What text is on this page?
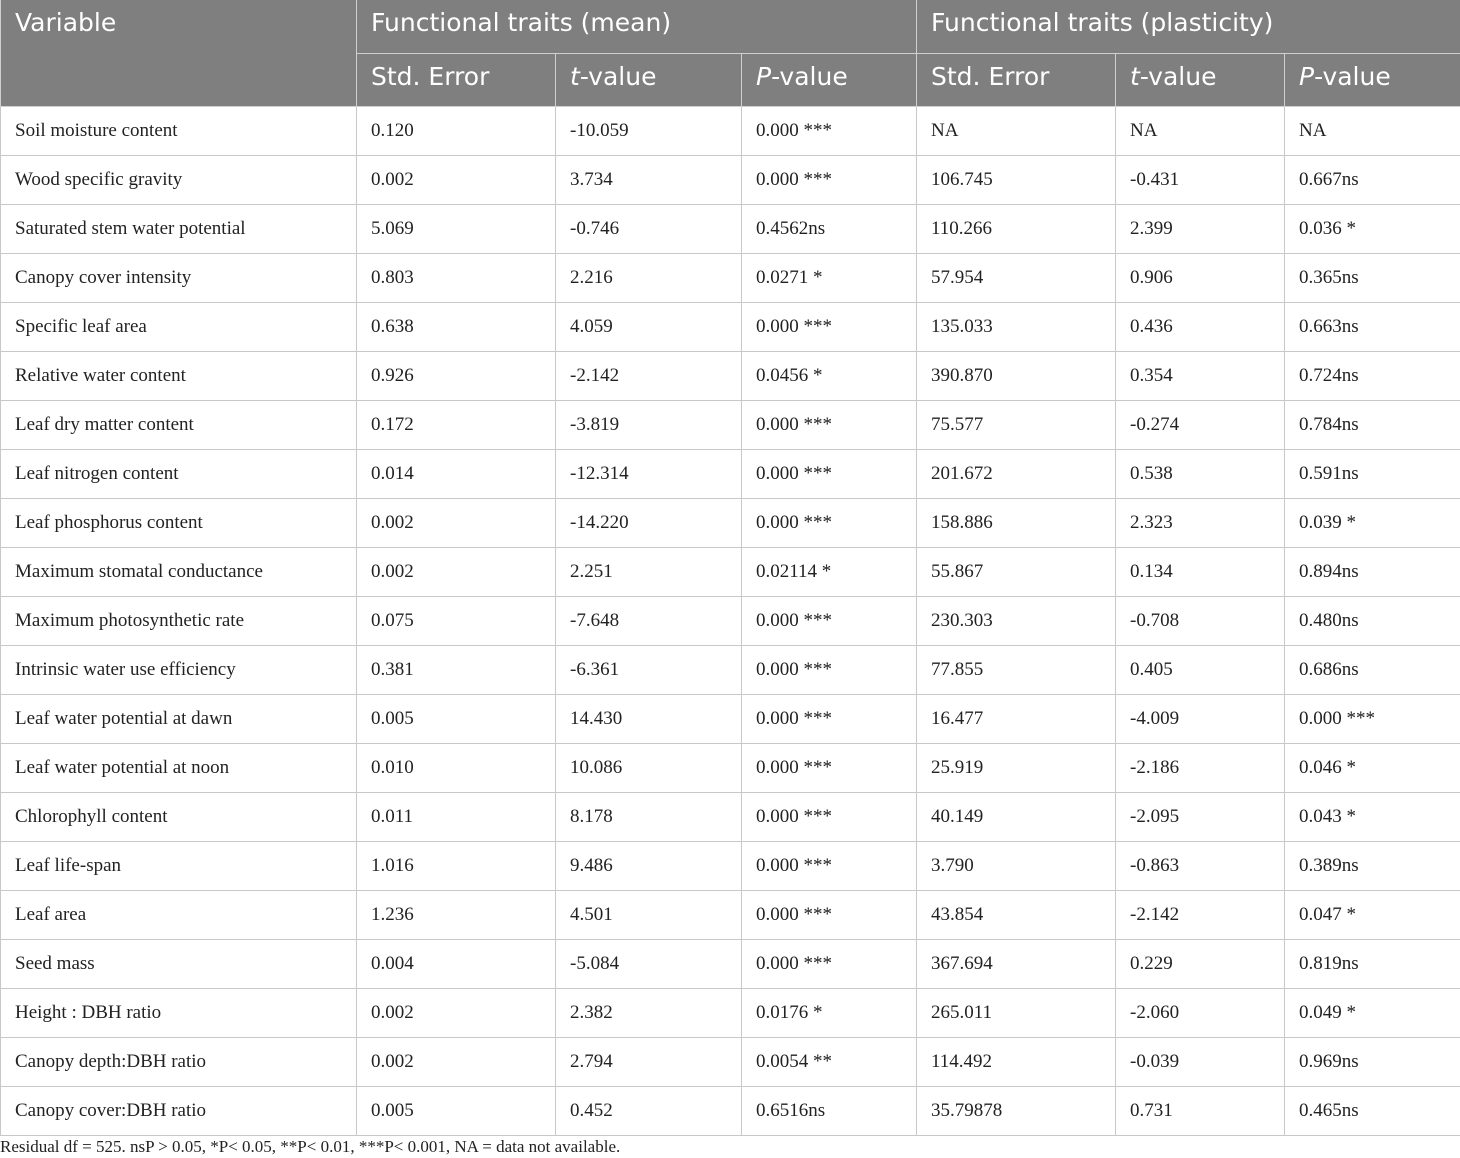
Variable	Functional traits (mean)			Functional traits (plasticity)		
	Std. Error	t-value	P-value	Std. Error	t-value	P-value
Soil moisture content	0.120	-10.059	0.000 ***	NA	NA	NA
Wood specific gravity	0.002	3.734	0.000 ***	106.745	-0.431	0.667ns
Saturated stem water potential	5.069	-0.746	0.4562ns	110.266	2.399	0.036 *
Canopy cover intensity	0.803	2.216	0.0271 *	57.954	0.906	0.365ns
Specific leaf area	0.638	4.059	0.000 ***	135.033	0.436	0.663ns
Relative water content	0.926	-2.142	0.0456 *	390.870	0.354	0.724ns
Leaf dry matter content	0.172	-3.819	0.000 ***	75.577	-0.274	0.784ns
Leaf nitrogen content	0.014	-12.314	0.000 ***	201.672	0.538	0.591ns
Leaf phosphorus content	0.002	-14.220	0.000 ***	158.886	2.323	0.039 *
Maximum stomatal conductance	0.002	2.251	0.02114 *	55.867	0.134	0.894ns
Maximum photosynthetic rate	0.075	-7.648	0.000 ***	230.303	-0.708	0.480ns
Intrinsic water use efficiency	0.381	-6.361	0.000 ***	77.855	0.405	0.686ns
Leaf water potential at dawn	0.005	14.430	0.000 ***	16.477	-4.009	0.000 ***
Leaf water potential at noon	0.010	10.086	0.000 ***	25.919	-2.186	0.046 *
Chlorophyll content	0.011	8.178	0.000 ***	40.149	-2.095	0.043 *
Leaf life-span	1.016	9.486	0.000 ***	3.790	-0.863	0.389ns
Leaf area	1.236	4.501	0.000 ***	43.854	-2.142	0.047 *
Seed mass	0.004	-5.084	0.000 ***	367.694	0.229	0.819ns
Height : DBH ratio	0.002	2.382	0.0176 *	265.011	-2.060	0.049 *
Canopy depth:DBH ratio	0.002	2.794	0.0054 **	114.492	-0.039	0.969ns
Canopy cover:DBH ratio	0.005	0.452	0.6516ns	35.79878	0.731	0.465ns
Residual df = 525. nsP > 0.05, *P< 0.05, **P< 0.01, ***P< 0.001, NA = data not available.
